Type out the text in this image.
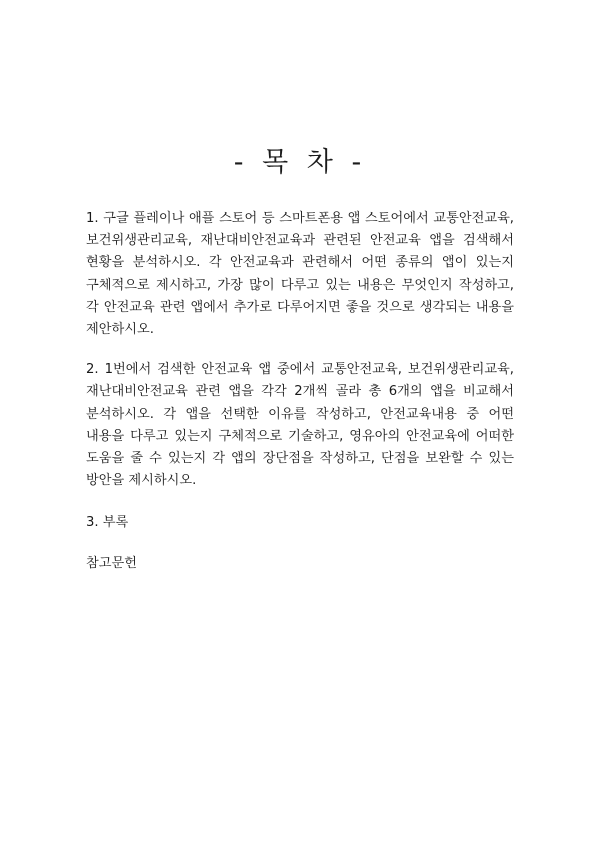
- 목 차 -

1. 구글 플레이나 애플 스토어 등 스마트폰용 앱 스토어에서 교통안전교육, 보건위생관리교육, 재난대비안전교육과 관련된 안전교육 앱을 검색해서 현황을 분석하시오. 각 안전교육과 관련해서 어떤 종류의 앱이 있는지 구체적으로 제시하고, 가장 많이 다루고 있는 내용은 무엇인지 작성하고, 각 안전교육 관련 앱에서 추가로 다루어지면 좋을 것으로 생각되는 내용을 제안하시오.

2. 1번에서 검색한 안전교육 앱 중에서 교통안전교육, 보건위생관리교육, 재난대비안전교육 관련 앱을 각각 2개씩 골라 총 6개의 앱을 비교해서 분석하시오. 각 앱을 선택한 이유를 작성하고, 안전교육내용 중 어떤 내용을 다루고 있는지 구체적으로 기술하고, 영유아의 안전교육에 어떠한 도움을 줄 수 있는지 각 앱의 장단점을 작성하고, 단점을 보완할 수 있는 방안을 제시하시오.

3. 부록

참고문헌
